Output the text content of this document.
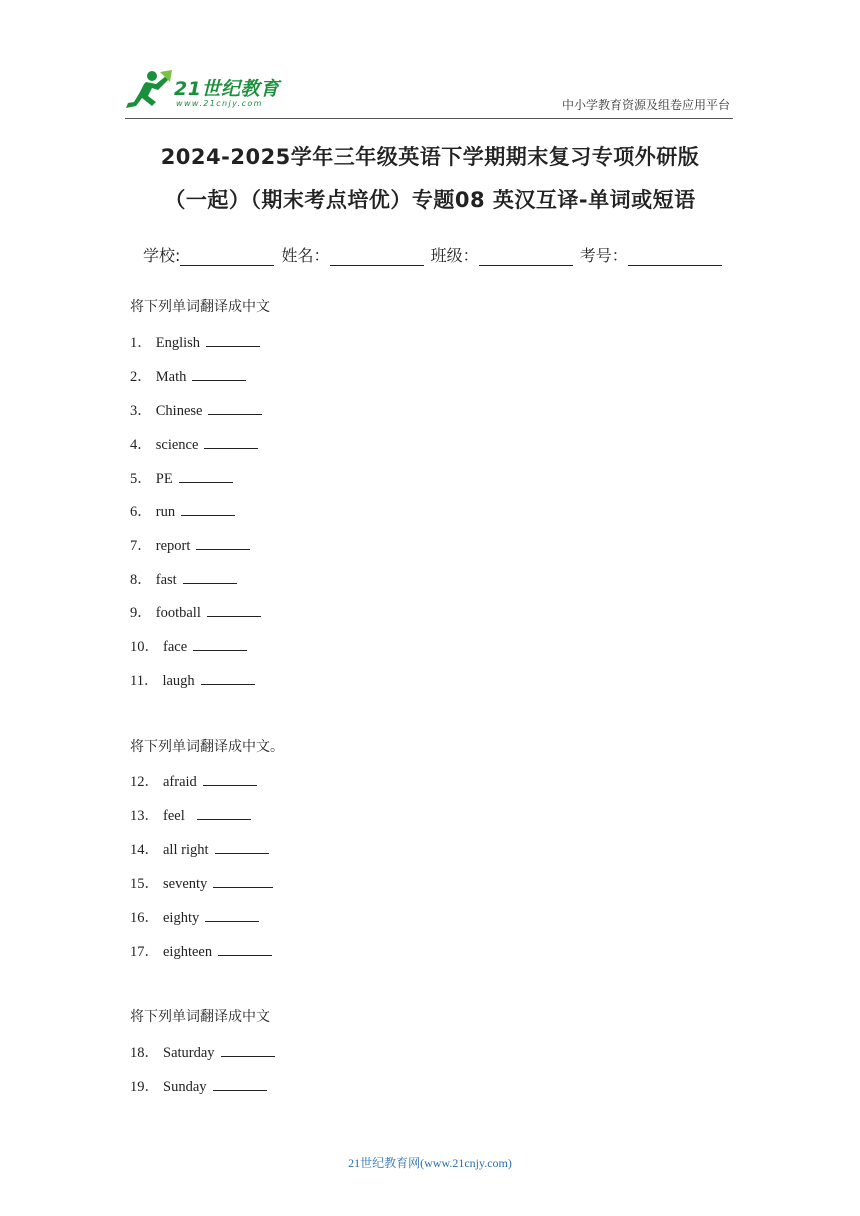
21世纪教育
www.21cnjy.com	中小学教育资源及组卷应用平台
2024-2025学年三年级英语下学期期末复习专项外研版
（一起）（期末考点培优）专题08 英汉互译-单词或短语
学校:	姓名：	班级：	考号：
将下列单词翻译成中文
1． English
2． Math
3． Chinese
4． science
5． PE
6． run
7． report
8． fast
9． football
10． face
11． laugh
将下列单词翻译成中文。
12． afraid
13． feel
14． all right
15． seventy
16． eighty
17． eighteen
将下列单词翻译成中文
18． Saturday
19． Sunday
21世纪教育网(www.21cnjy.com)
